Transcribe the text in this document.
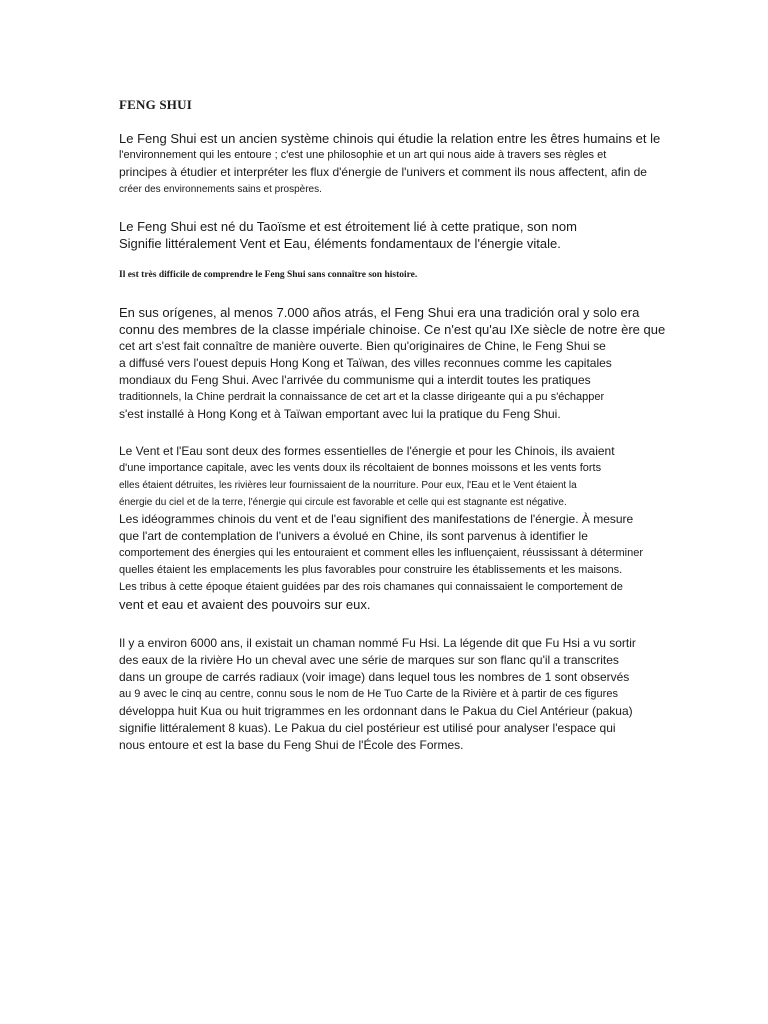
FENG SHUI
Le Feng Shui est un ancien système chinois qui étudie la relation entre les êtres humains et le
l'environnement qui les entoure ; c'est une philosophie et un art qui nous aide à travers ses règles et
principes à étudier et interpréter les flux d'énergie de l'univers et comment ils nous affectent, afin de
créer des environnements sains et prospères.
Le Feng Shui est né du Taoïsme et est étroitement lié à cette pratique, son nom
Signifie littéralement Vent et Eau, éléments fondamentaux de l'énergie vitale.
Il est très difficile de comprendre le Feng Shui sans connaître son histoire.
En sus orígenes, al menos 7.000 años atrás, el Feng Shui era una tradición oral y solo era
connu des membres de la classe impériale chinoise. Ce n'est qu'au IXe siècle de notre ère que
cet art s'est fait connaître de manière ouverte. Bien qu'originaires de Chine, le Feng Shui se
a diffusé vers l'ouest depuis Hong Kong et Taïwan, des villes reconnues comme les capitales
mondiaux du Feng Shui. Avec l'arrivée du communisme qui a interdit toutes les pratiques
traditionnels, la Chine perdrait la connaissance de cet art et la classe dirigeante qui a pu s'échapper
s'est installé à Hong Kong et à Taïwan emportant avec lui la pratique du Feng Shui.
Le Vent et l'Eau sont deux des formes essentielles de l'énergie et pour les Chinois, ils avaient
d'une importance capitale, avec les vents doux ils récoltaient de bonnes moissons et les vents forts
elles étaient détruites, les rivières leur fournissaient de la nourriture. Pour eux, l'Eau et le Vent étaient la
énergie du ciel et de la terre, l'énergie qui circule est favorable et celle qui est stagnante est négative.
Les idéogrammes chinois du vent et de l'eau signifient des manifestations de l'énergie. À mesure
que l'art de contemplation de l'univers a évolué en Chine, ils sont parvenus à identifier le
comportement des énergies qui les entouraient et comment elles les influençaient, réussissant à déterminer
quelles étaient les emplacements les plus favorables pour construire les établissements et les maisons.
Les tribus à cette époque étaient guidées par des rois chamanes qui connaissaient le comportement de
vent et eau et avaient des pouvoirs sur eux.
Il y a environ 6000 ans, il existait un chaman nommé Fu Hsi. La légende dit que Fu Hsi a vu sortir
des eaux de la rivière Ho un cheval avec une série de marques sur son flanc qu'il a transcrites
dans un groupe de carrés radiaux (voir image) dans lequel tous les nombres de 1 sont observés
au 9 avec le cinq au centre, connu sous le nom de He Tuo Carte de la Rivière et à partir de ces figures
développa huit Kua ou huit trigrammes en les ordonnant dans le Pakua du Ciel Antérieur (pakua)
signifie littéralement 8 kuas). Le Pakua du ciel postérieur est utilisé pour analyser l'espace qui
nous entoure et est la base du Feng Shui de l'École des Formes.
